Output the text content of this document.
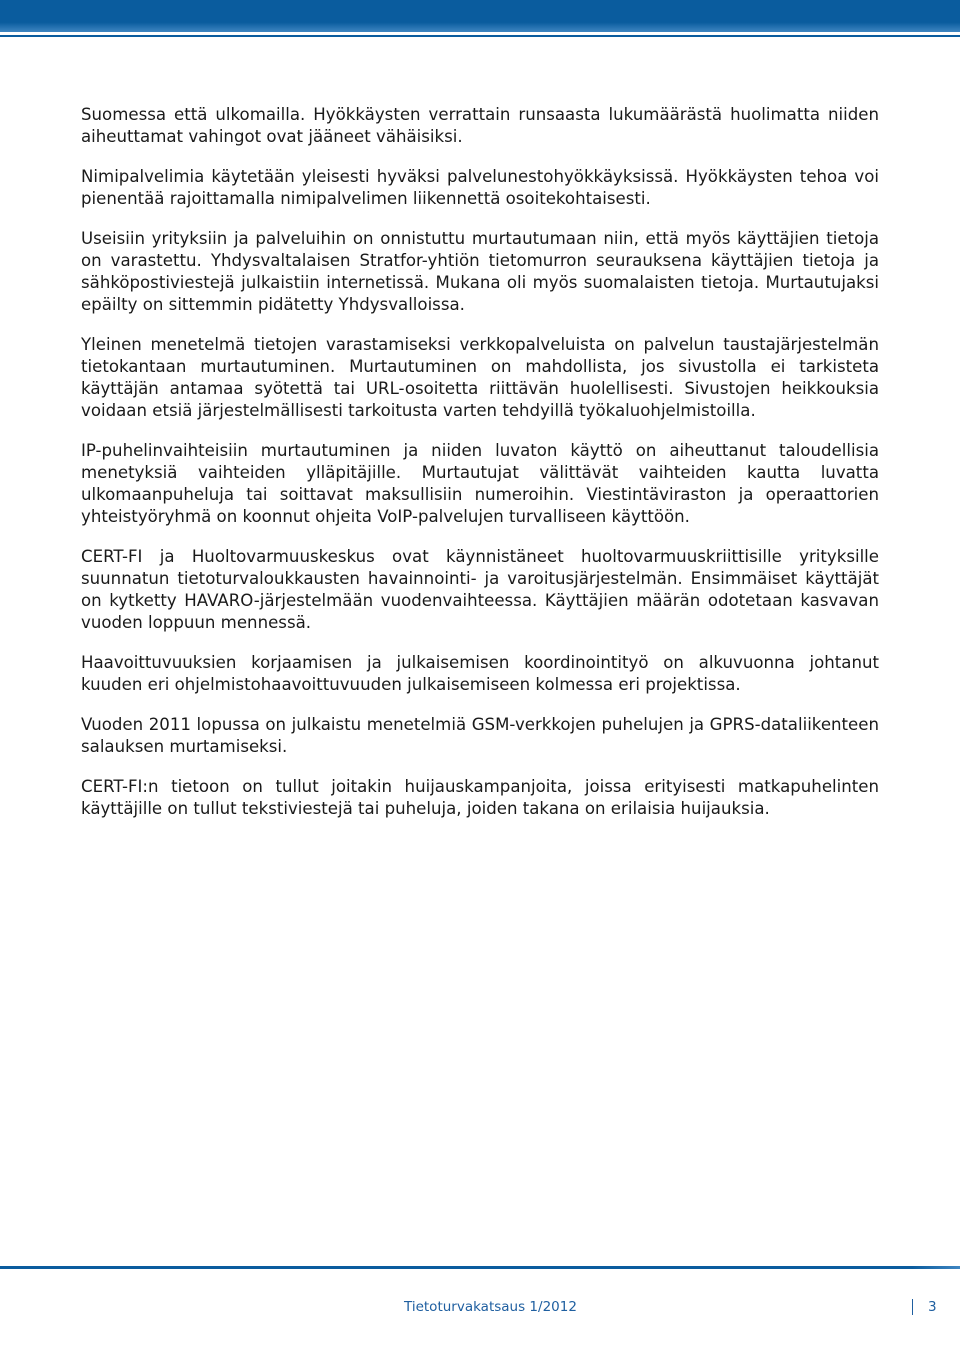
Suomessa että ulkomailla. Hyökkäysten verrattain runsaasta lukumäärästä huolimatta niiden aiheuttamat vahingot ovat jääneet vähäisiksi.

Nimipalvelimia käytetään yleisesti hyväksi palvelunestohyökkäyksissä. Hyökkäysten tehoa voi pienentää rajoittamalla nimipalvelimen liikennettä osoitekohtaisesti.

Useisiin yrityksiin ja palveluihin on onnistuttu murtautumaan niin, että myös käyttäjien tietoja on varastettu. Yhdysvaltalaisen Stratfor-yhtiön tietomurron seurauksena käyttäjien tietoja ja sähköpostiviestejä julkaistiin internetissä. Mukana oli myös suomalaisten tietoja. Murtautujaksi epäilty on sittemmin pidätetty Yhdysvalloissa.

Yleinen menetelmä tietojen varastamiseksi verkkopalveluista on palvelun taustajärjestelmän tietokantaan murtautuminen. Murtautuminen on mahdollista, jos sivustolla ei tarkisteta käyttäjän antamaa syötettä tai URL-osoitetta riittävän huolellisesti. Sivustojen heikkouksia voidaan etsiä järjestelmällisesti tarkoitusta varten tehdyillä työkaluohjelmistoilla.

IP-puhelinvaihteisiin murtautuminen ja niiden luvaton käyttö on aiheuttanut taloudellisia menetyksiä vaihteiden ylläpitäjille. Murtautujat välittävät vaihteiden kautta luvatta ulkomaanpuheluja tai soittavat maksullisiin numeroihin. Viestintäviraston ja operaattorien yhteistyöryhmä on koonnut ohjeita VoIP-palvelujen turvalliseen käyttöön.

CERT-FI ja Huoltovarmuuskeskus ovat käynnistäneet huoltovarmuuskriittisille yrityksille suunnatun tietoturvaloukkausten havainnointi- ja varoitusjärjestelmän. Ensimmäiset käyttäjät on kytketty HAVARO-järjestelmään vuodenvaihteessa. Käyttäjien määrän odotetaan kasvavan vuoden loppuun mennessä.

Haavoittuvuuksien korjaamisen ja julkaisemisen koordinointityö on alkuvuonna johtanut kuuden eri ohjelmistohaavoittuvuuden julkaisemiseen kolmessa eri projektissa.

Vuoden 2011 lopussa on julkaistu menetelmiä GSM-verkkojen puhelujen ja GPRS-dataliikenteen salauksen murtamiseksi.

CERT-FI:n tietoon on tullut joitakin huijauskampanjoita, joissa erityisesti matkapuhelinten käyttäjille on tullut tekstiviestejä tai puheluja, joiden takana on erilaisia huijauksia.

Tietoturvakatsaus 1/2012	3
